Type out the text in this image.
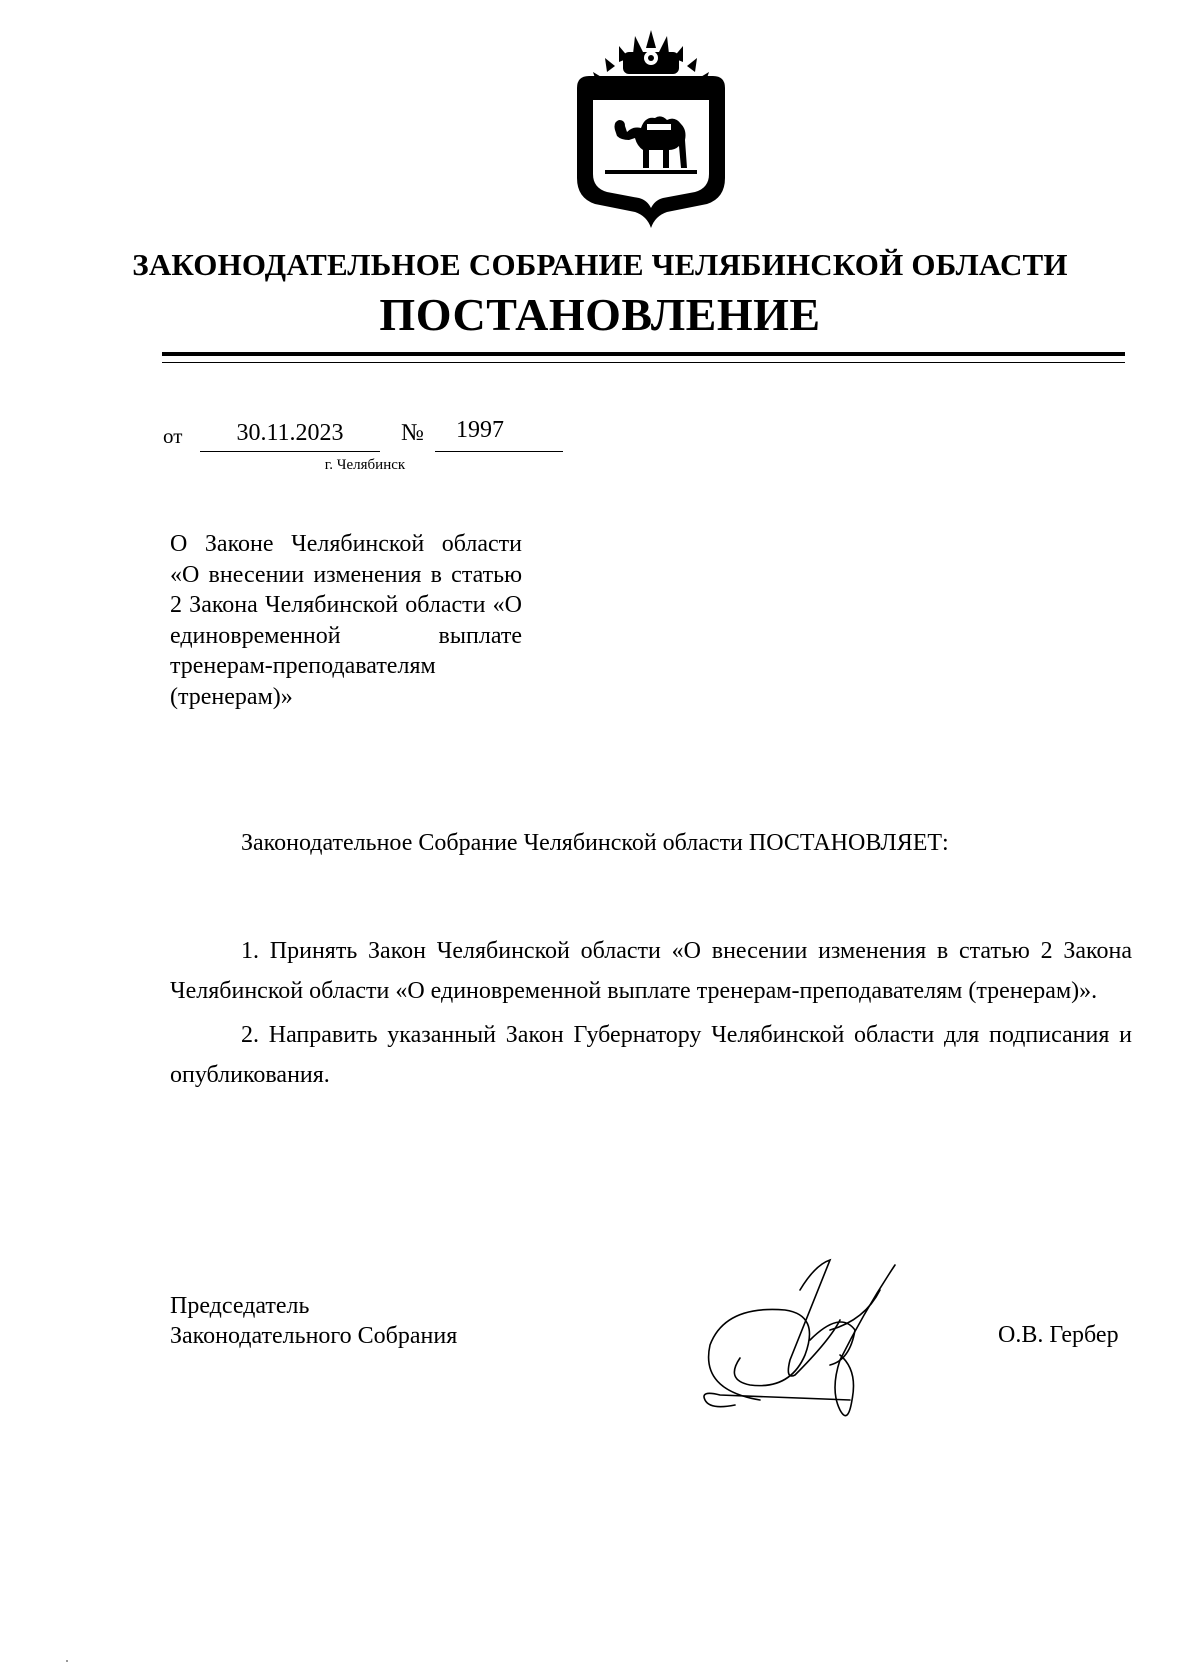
ЗАКОНОДАТЕЛЬНОЕ СОБРАНИЕ ЧЕЛЯБИНСКОЙ ОБЛАСТИ
ПОСТАНОВЛЕНИЕ
от	30.11.2023	№	1997
г. Челябинск
О Законе Челябинской области «О внесении изменения в статью 2 Закона Челябинской области «О единовременной выплате тренерам-преподавателям (тренерам)»
Законодательное Собрание Челябинской области ПОСТАНОВЛЯЕТ:

1. Принять Закон Челябинской области «О внесении изменения в статью 2 Закона Челябинской области «О единовременной выплате тренерам-преподавателям (тренерам)».

2. Направить указанный Закон Губернатору Челябинской области для подписания и опубликования.

Председатель
Законодательного Собрания	О.В. Гербер
